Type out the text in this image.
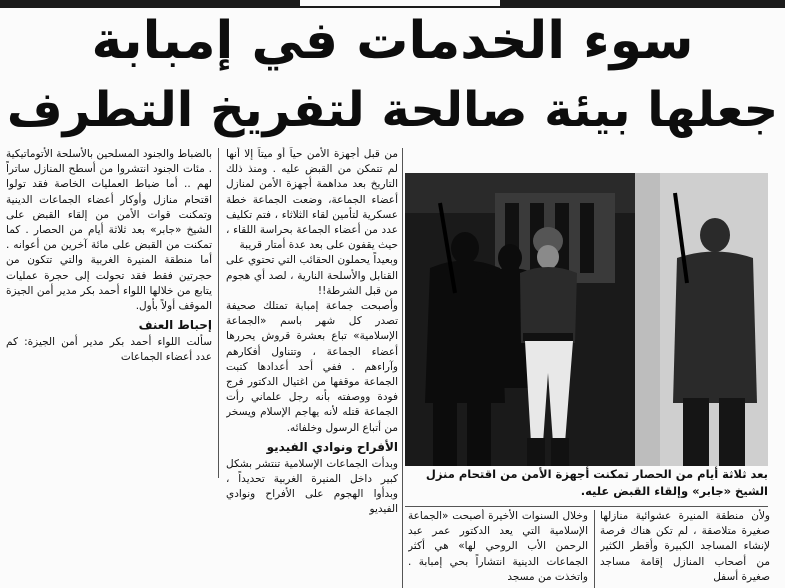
سوء الخدمات في إمبابة
جعلها بيئة صالحة لتفريخ التطرف

بالضباط والجنود المسلحين بالأسلحة الأتوماتيكية . مئات الجنود انتشروا من أسطح المنازل ساتراً لهم .. أما ضباط العمليات الخاصة فقد تولوا اقتحام منازل وأوكار أعضاء الجماعات الدينية وتمكنت قوات الأمن من إلقاء القبض على الشيخ «جابر» بعد ثلاثة أيام من الحصار . كما تمكنت من القبض على مائة آخرين من أعوانه . أما منطقة المنيرة الغربية والتي تتكون من حجرتين فقط فقد تحولت إلى حجرة عمليات يتابع من خلالها اللواء أحمد بكر مدير أمن الجيزة الموقف أولاً بأول.

إحباط العنف

سألت اللواء أحمد بكر مدير أمن الجيزة: كم عدد أعضاء الجماعات

من قبل أجهزة الأمن حياً أو ميتاً إلا أنها لم تتمكن من القبض عليه . ومنذ ذلك التاريخ بعد مداهمة أجهزة الأمن لمنازل أعضاء الجماعة، وضعت الجماعة خطة عسكرية لتأمين لقاء الثلاثاء ، فتم تكليف عدد من أعضاء الجماعة بحراسة اللقاء ، حيث يقفون على بعد عدة أمتار قريبة

وبعيداً يحملون الحقائب التي تحتوي على القنابل والأسلحة النارية ، لصد أي هجوم من قبل الشرطة!!

وأصبحت جماعة إمبابة تمتلك صحيفة تصدر كل شهر باسم «الجماعة الإسلامية» تباع بعشرة قروش يحررها أعضاء الجماعة ، وتتناول أفكارهم وآراءهم . ففي أحد أعدادها كتبت الجماعة موقفها من اغتيال الدكتور فرج فودة ووصفته بأنه رجل علماني رأت الجماعة قتله لأنه يهاجم الإسلام ويسخر من أتباع الرسول وخلفائه.

الأفراح ونوادي الفيديو

وبدأت الجماعات الإسلامية تنتشر بشكل كبير داخل المنيرة الغربية تحديداً ، وبدأوا الهجوم على الأفراح ونوادي الفيديو

بعد ثلاثة أيام من الحصار تمكنت أجهزة الأمن من اقتحام منزل الشيخ «جابر» وإلقاء القبض عليه.

وخلال السنوات الأخيرة أصبحت «الجماعة الإسلامية التي يعد الدكتور عمر عبد الرحمن الأب الروحي لها» هي أكثر الجماعات الدينية انتشاراً بحي إمبابة . واتخذت من مسجد

ولأن منطقة المنيرة عشوائية منازلها صغيرة متلاصقة ، لم تكن هناك فرصة لإنشاء المساجد الكبيرة وأقطر الكثير من أصحاب المنازل إقامة مساجد صغيرة أسفل
